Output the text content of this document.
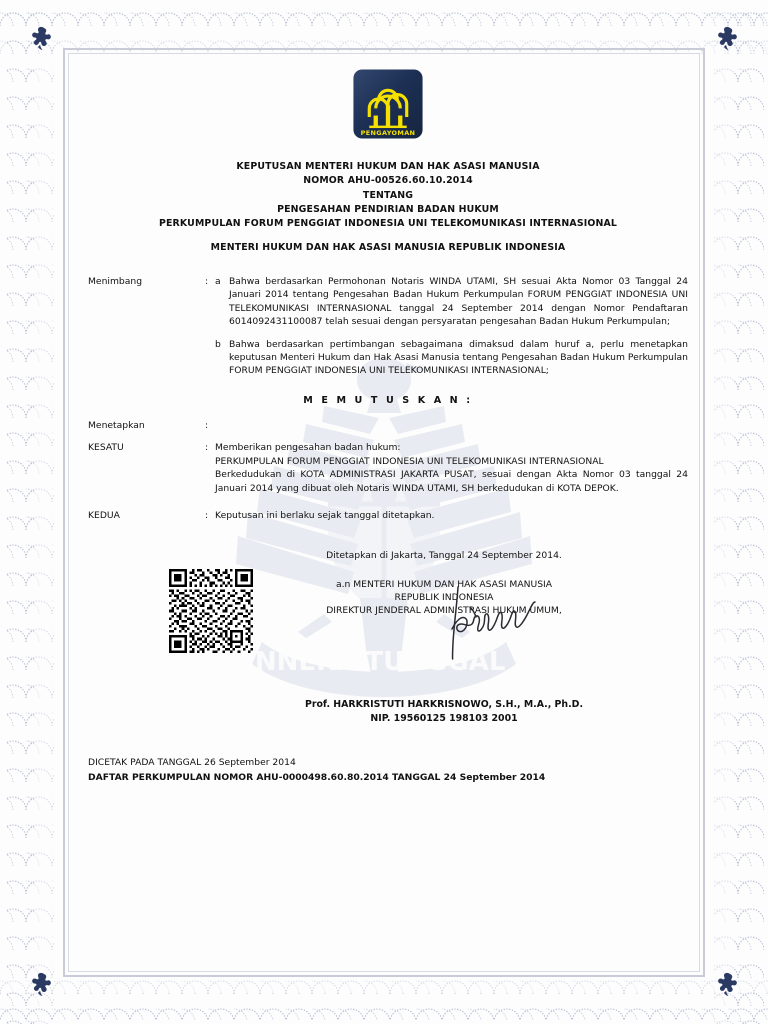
BHINNEKA TUNGGAL IKA
PENGAYOMAN
KEPUTUSAN MENTERI HUKUM DAN HAK ASASI MANUSIA
NOMOR AHU-00526.60.10.2014
TENTANG
PENGESAHAN PENDIRIAN BADAN HUKUM
PERKUMPULAN FORUM PENGGIAT INDONESIA UNI TELEKOMUNIKASI INTERNASIONAL
MENTERI HUKUM DAN HAK ASASI MANUSIA REPUBLIK INDONESIA
Menimbang	: a Bahwa berdasarkan Permohonan Notaris WINDA UTAMI, SH sesuai Akta Nomor 03 Tanggal 24 Januari 2014 tentang Pengesahan Badan Hukum Perkumpulan FORUM PENGGIAT INDONESIA UNI TELEKOMUNIKASI INTERNASIONAL tanggal 24 September 2014 dengan Nomor Pendaftaran 6014092431100087 telah sesuai dengan persyaratan pengesahan Badan Hukum Perkumpulan;
b Bahwa berdasarkan pertimbangan sebagaimana dimaksud dalam huruf a, perlu menetapkan keputusan Menteri Hukum dan Hak Asasi Manusia tentang Pengesahan Badan Hukum Perkumpulan FORUM PENGGIAT INDONESIA UNI TELEKOMUNIKASI INTERNASIONAL;
M E M U T U S K A N :
Menetapkan	:
KESATU	: Memberikan pengesahan badan hukum:
PERKUMPULAN FORUM PENGGIAT INDONESIA UNI TELEKOMUNIKASI INTERNASIONAL
Berkedudukan di KOTA ADMINISTRASI JAKARTA PUSAT, sesuai dengan Akta Nomor 03 tanggal 24 Januari 2014 yang dibuat oleh Notaris WINDA UTAMI, SH berkedudukan di KOTA DEPOK.
KEDUA	: Keputusan ini berlaku sejak tanggal ditetapkan.
Ditetapkan di Jakarta, Tanggal 24 September 2014.
a.n MENTERI HUKUM DAN HAK ASASI MANUSIA
REPUBLIK INDONESIA
DIREKTUR JENDERAL ADMINISTRASI HUKUM UMUM,
Prof. HARKRISTUTI HARKRISNOWO, S.H., M.A., Ph.D.
NIP. 19560125 198103 2001
DICETAK PADA TANGGAL 26 September 2014
DAFTAR PERKUMPULAN NOMOR AHU-0000498.60.80.2014 TANGGAL 24 September 2014
